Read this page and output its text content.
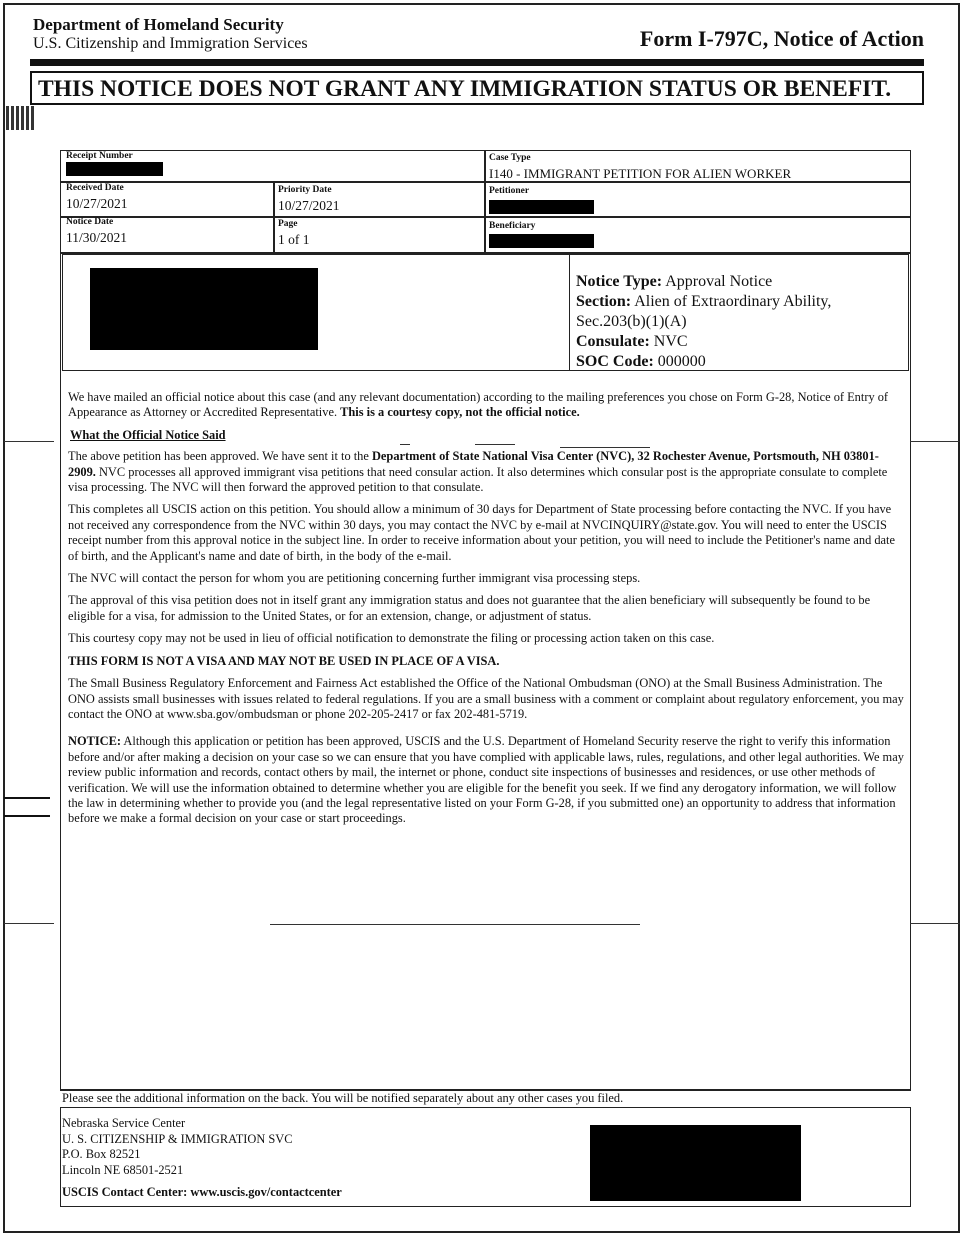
Department of Homeland Security
U.S. Citizenship and Immigration Services	Form I-797C, Notice of Action
THIS NOTICE DOES NOT GRANT ANY IMMIGRATION STATUS OR BENEFIT.
Receipt Number	Case Type
I140 - IMMIGRANT PETITION FOR ALIEN WORKER
Received Date
10/27/2021
Priority Date
10/27/2021
Petitioner
Notice Date
11/30/2021
Page
1 of 1
Beneficiary
Notice Type: Approval Notice
Section: Alien of Extraordinary Ability,
Sec.203(b)(1)(A)
Consulate: NVC
SOC Code: 000000

We have mailed an official notice about this case (and any relevant documentation) according to the mailing preferences you chose on Form G-28, Notice of Entry of Appearance as Attorney or Accredited Representative. This is a courtesy copy, not the official notice.

What the Official Notice Said

The above petition has been approved. We have sent it to the Department of State National Visa Center (NVC), 32 Rochester Avenue, Portsmouth, NH 03801-2909. NVC processes all approved immigrant visa petitions that need consular action. It also determines which consular post is the appropriate consulate to complete visa processing. The NVC will then forward the approved petition to that consulate.

This completes all USCIS action on this petition. You should allow a minimum of 30 days for Department of State processing before contacting the NVC. If you have not received any correspondence from the NVC within 30 days, you may contact the NVC by e-mail at NVCINQUIRY@state.gov. You will need to enter the USCIS receipt number from this approval notice in the subject line. In order to receive information about your petition, you will need to include the Petitioner's name and date of birth, and the Applicant's name and date of birth, in the body of the e-mail.

The NVC will contact the person for whom you are petitioning concerning further immigrant visa processing steps.

The approval of this visa petition does not in itself grant any immigration status and does not guarantee that the alien beneficiary will subsequently be found to be eligible for a visa, for admission to the United States, or for an extension, change, or adjustment of status.

This courtesy copy may not be used in lieu of official notification to demonstrate the filing or processing action taken on this case.

THIS FORM IS NOT A VISA AND MAY NOT BE USED IN PLACE OF A VISA.

The Small Business Regulatory Enforcement and Fairness Act established the Office of the National Ombudsman (ONO) at the Small Business Administration. The ONO assists small businesses with issues related to federal regulations. If you are a small business with a comment or complaint about regulatory enforcement, you may contact the ONO at www.sba.gov/ombudsman or phone 202-205-2417 or fax 202-481-5719.

NOTICE: Although this application or petition has been approved, USCIS and the U.S. Department of Homeland Security reserve the right to verify this information before and/or after making a decision on your case so we can ensure that you have complied with applicable laws, rules, regulations, and other legal authorities. We may review public information and records, contact others by mail, the internet or phone, conduct site inspections of businesses and residences, or use other methods of verification. We will use the information obtained to determine whether you are eligible for the benefit you seek. If we find any derogatory information, we will follow the law in determining whether to provide you (and the legal representative listed on your Form G-28, if you submitted one) an opportunity to address that information before we make a formal decision on your case or start proceedings.

Please see the additional information on the back. You will be notified separately about any other cases you filed.
Nebraska Service Center
U. S. CITIZENSHIP & IMMIGRATION SVC
P.O. Box 82521
Lincoln NE 68501-2521
USCIS Contact Center: www.uscis.gov/contactcenter
